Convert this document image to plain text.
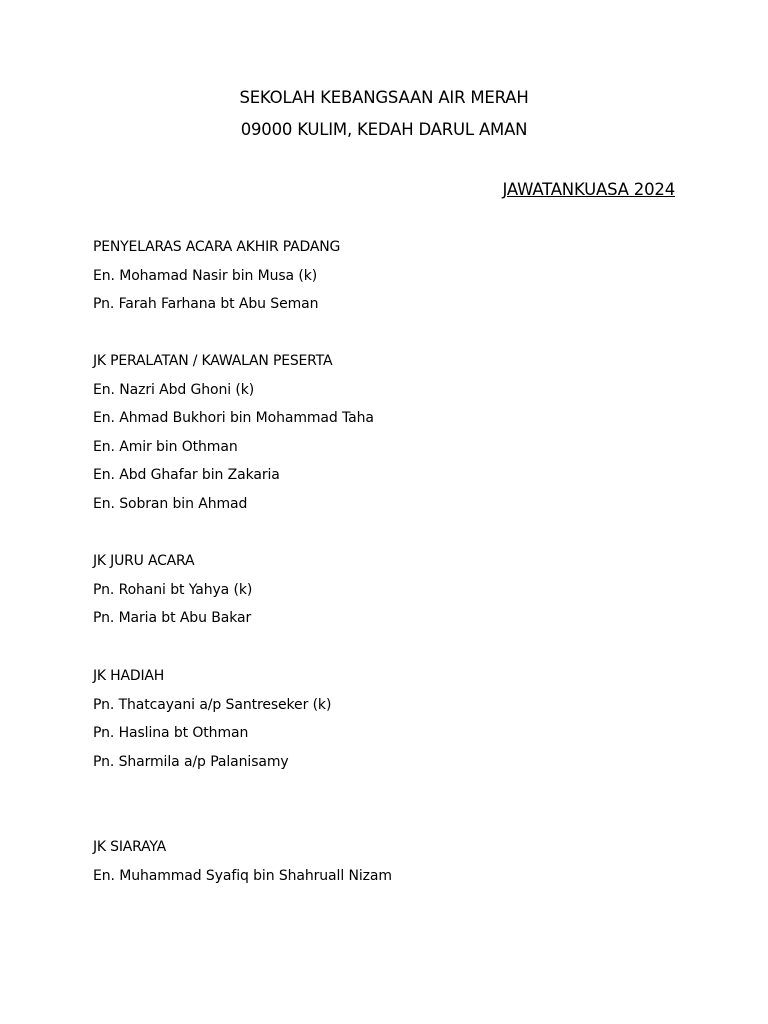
SEKOLAH KEBANGSAAN AIR MERAH
09000 KULIM, KEDAH DARUL AMAN
JAWATANKUASA 2024
PENYELARAS ACARA AKHIR PADANG
En. Mohamad Nasir bin Musa (k)
Pn. Farah Farhana bt Abu Seman
JK PERALATAN / KAWALAN PESERTA
En. Nazri Abd Ghoni (k)
En. Ahmad Bukhori bin Mohammad Taha
En. Amir bin Othman
En. Abd Ghafar bin Zakaria
En. Sobran bin Ahmad
JK JURU ACARA
Pn. Rohani bt Yahya (k)
Pn. Maria bt Abu Bakar
JK HADIAH
Pn. Thatcayani a/p Santreseker (k)
Pn. Haslina bt Othman
Pn. Sharmila a/p Palanisamy
JK SIARAYA
En. Muhammad Syafiq bin Shahruall Nizam
